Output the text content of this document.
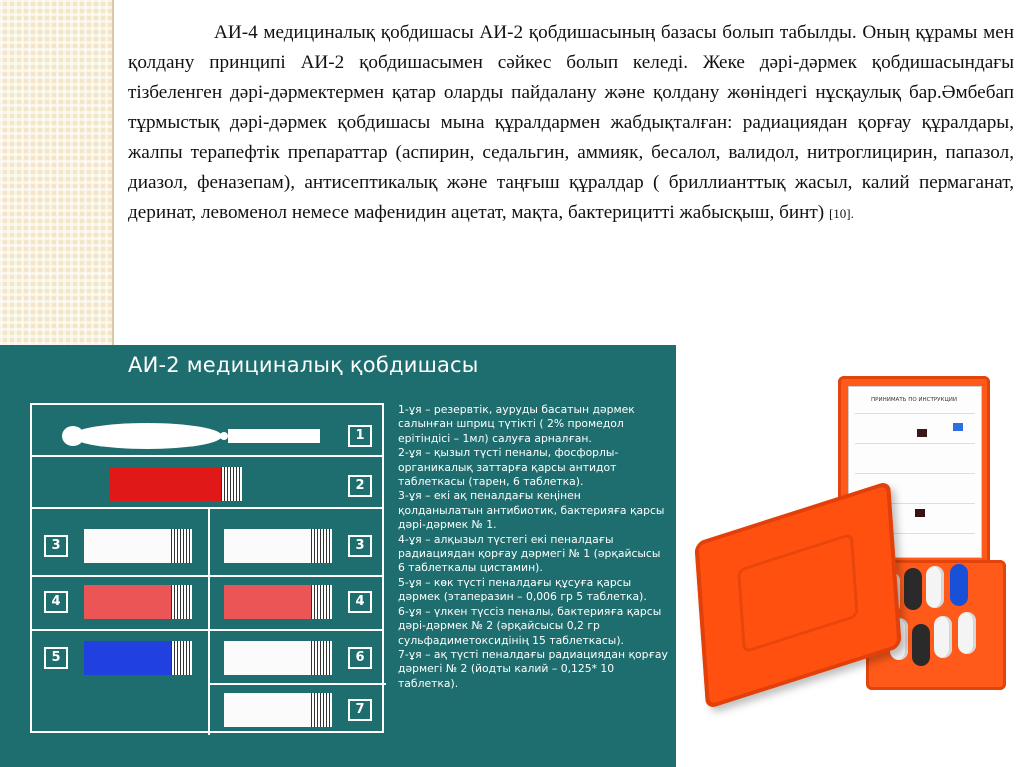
АИ-4 медициналық қобдишасы АИ-2 қобдишасының базасы болып табылды. Оның құрамы мен қолдану принципі АИ-2 қобдишасымен сәйкес болып келеді. Жеке дәрі-дәрмек қобдишасындағы тізбеленген дәрі-дәрмектермен қатар оларды пайдалану және қолдану жөніндегі нұсқаулық бар.Әмбебап тұрмыстық дәрі-дәрмек қобдишасы мына құралдармен жабдықталған: радиациядан қорғау құралдары, жалпы терапефтік препараттар (аспирин, седальгин, аммияк, бесалол, валидол, нитроглицирин, папазол, диазол, феназепам), антисептикалық және таңғыш құралдар ( бриллианттық жасыл, калий пермаганат, деринат, левоменол немесе мафенидин ацетат, мақта, бактерицитті жабысқыш, бинт) [10].

АИ-2 медициналық қобдишасы
1
2
3	3
4	4
5	6
7
1-ұя – резервтік, ауруды басатын дәрмек салынған шприц түтікті ( 2% промедол ерітіндісі – 1мл) салуға арналған.
2-ұя – қызыл түсті пеналы, фосфорлы-органикалық заттарға қарсы антидот таблеткасы (тарен, 6 таблетка).
3-ұя – екі ақ пеналдағы кеңінен қолданылатын антибиотик, бактерияға қарсы дәрі-дәрмек № 1.
4-ұя – алқызыл түстегі екі пеналдағы радиациядан қорғау дәрмегі № 1 (әрқайсысы 6 таблеткалы цистамин).
5-ұя – көк түсті пеналдағы құсуға қарсы дәрмек (этаперазин – 0,006 гр 5 таблетка).
6-ұя – үлкен түссіз пеналы, бактерияға қарсы дәрі-дәрмек № 2 (әрқайсысы 0,2 гр сульфадиметоксидінің 15 таблеткасы).
7-ұя – ақ түсті пеналдағы радиациядан қорғау дәрмегі № 2 (йодты калий – 0,125* 10 таблетка).
ПРИНИМАТЬ ПО ИНСТРУКЦИИ
